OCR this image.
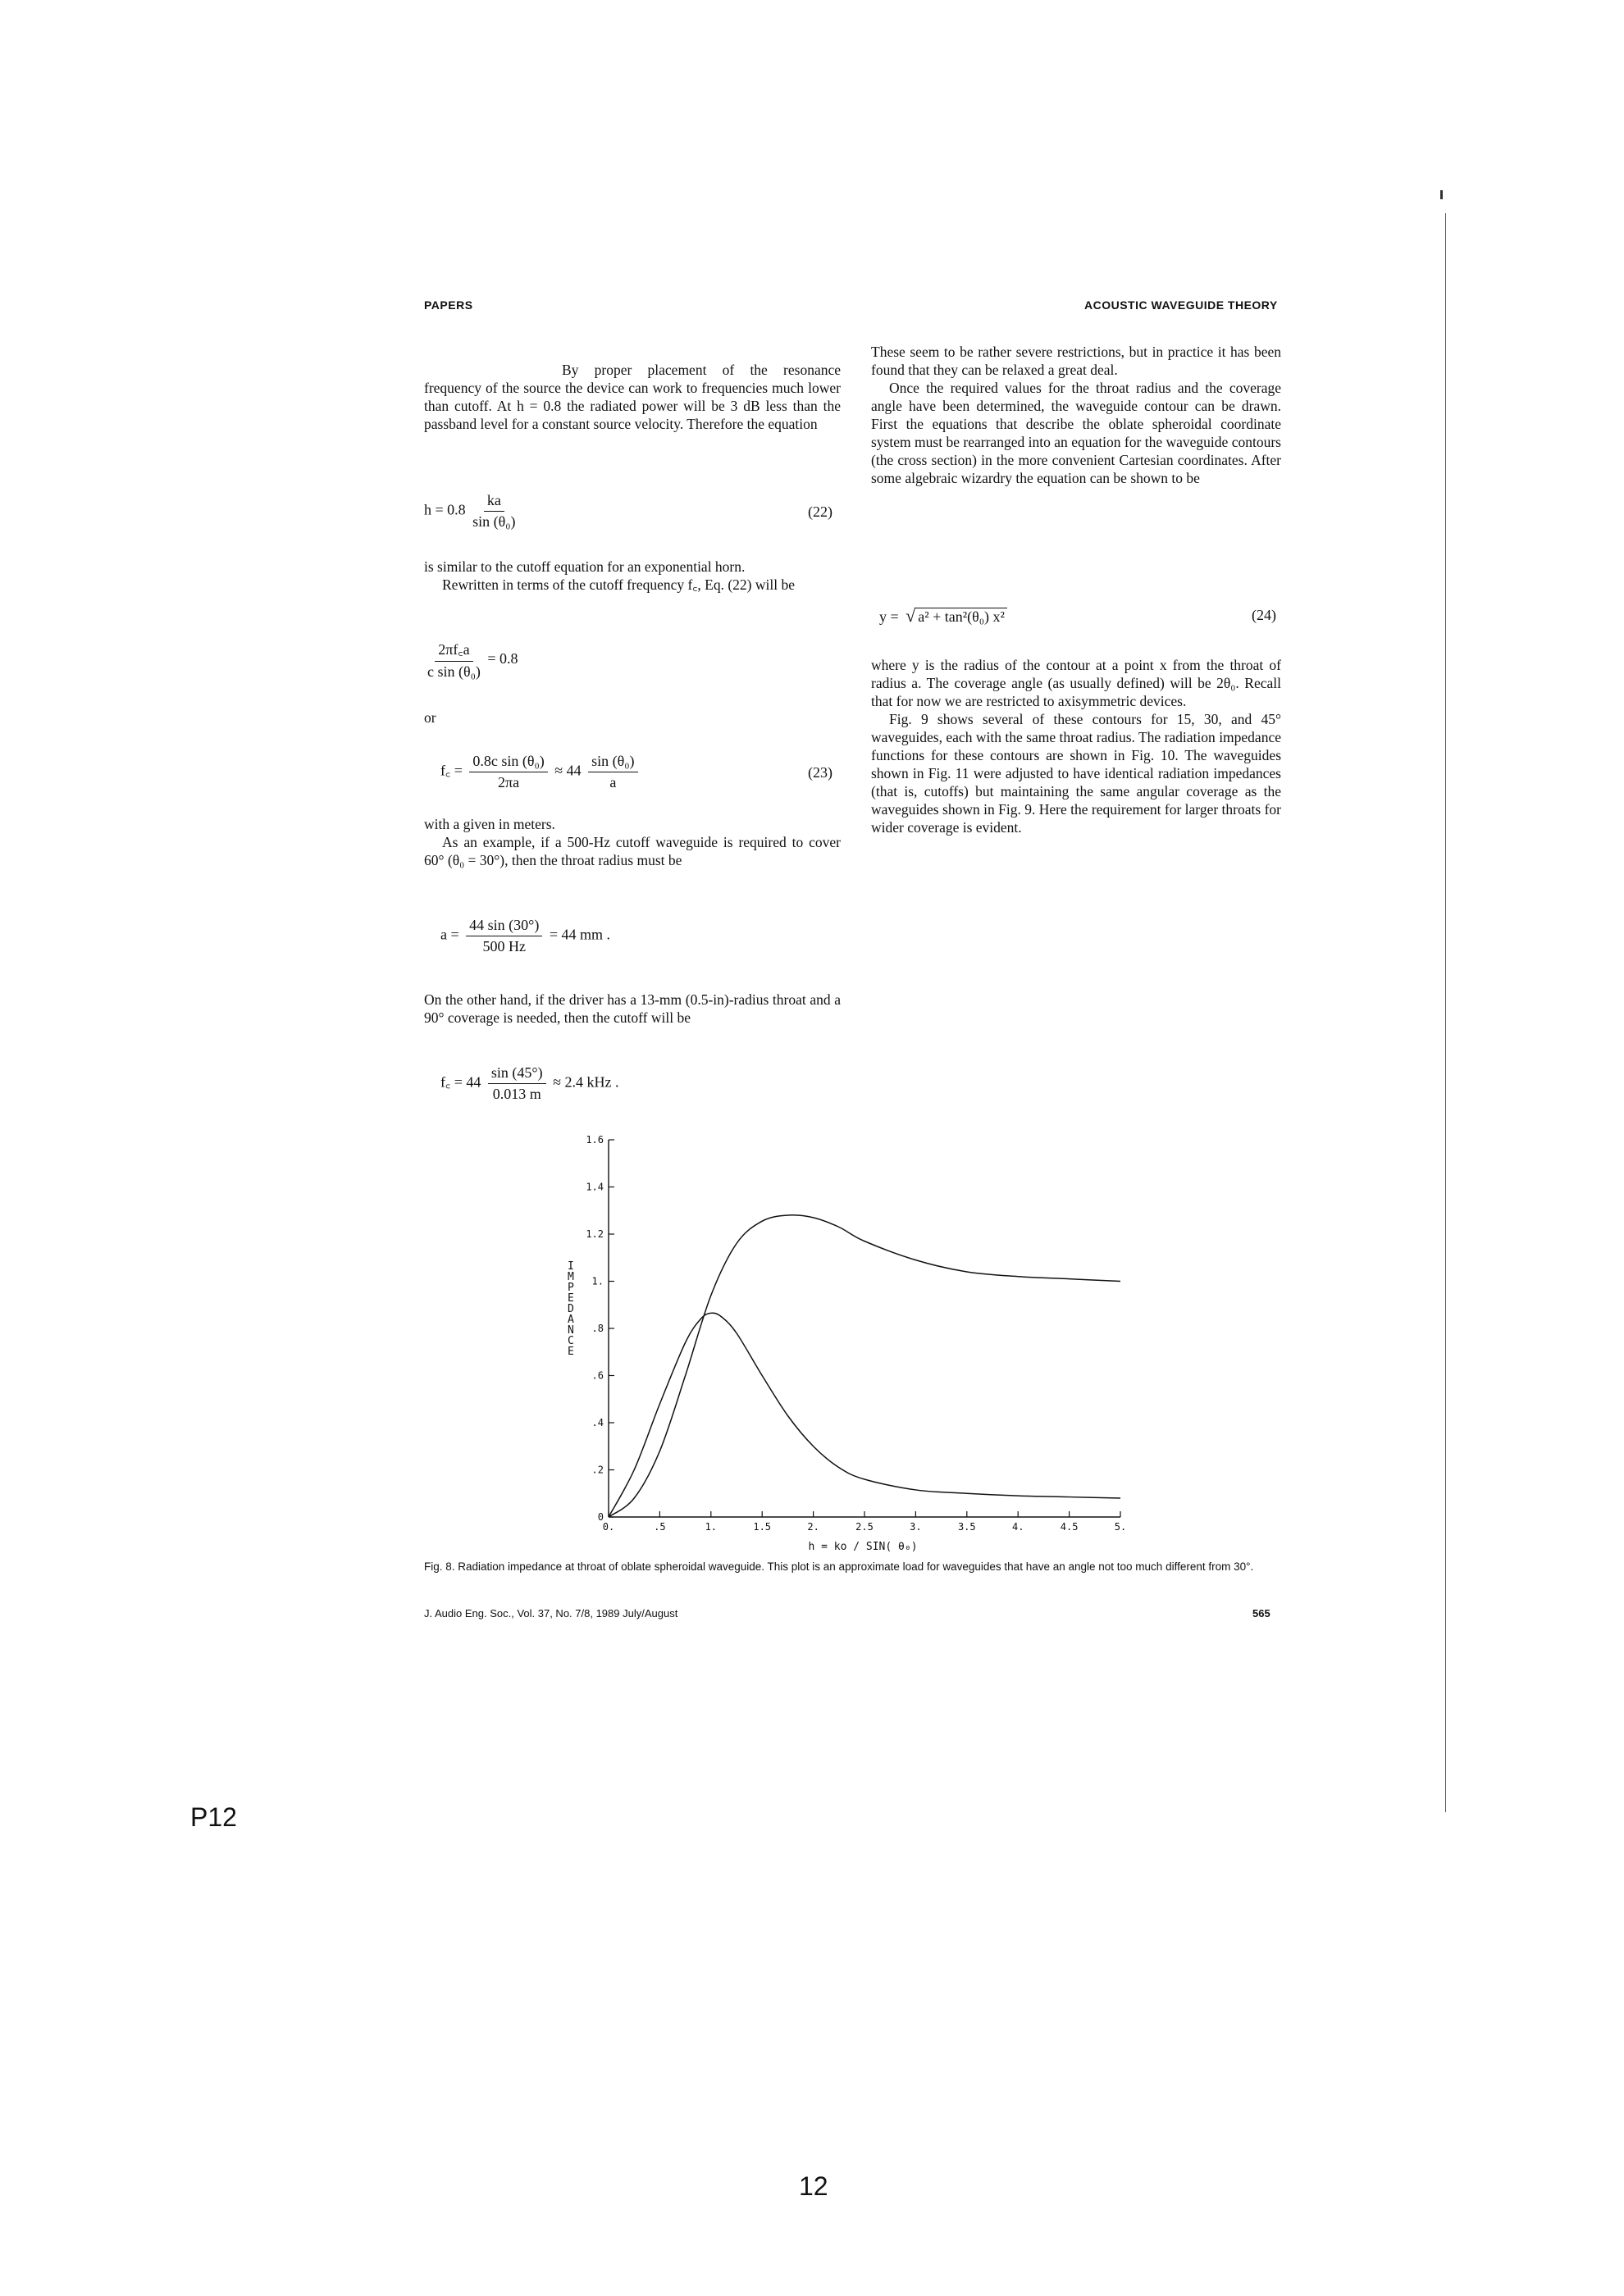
P12
PAPERS	ACOUSTIC WAVEGUIDE THEORY

By proper placement of the resonance frequency of the source the device can work to frequencies much lower than cutoff. At h = 0.8 the radiated power will be 3 dB less than the passband level for a constant source velocity. Therefore the equation

$h = 0.8 \frac{ka}{\text{sin (θ₀)}}$	(22)

is similar to the cutoff equation for an exponential horn.

Rewritten in terms of the cutoff frequency f꜀, Eq. (22) will be

$\frac{2\pi f꜀a}{\text{c sin (θ₀)}} = 0.8$
or
f꜀ = $\frac{\text{0.8c sin (θ₀)}}{2\pi a} \approx 44 \frac{\text{sin (θ₀)}}{a}$	(23)

with a given in meters.

As an example, if a 500-Hz cutoff waveguide is required to cover 60° (θ₀ = 30°), then the throat radius must be

$a = \frac{44 \sin (30^\circ)}{500 Hz} = 44$ mm .

On the other hand, if the driver has a 13-mm (0.5-in)-radius throat and a 90° coverage is needed, then the cutoff will be

f꜀ = $44 \frac{\sin (45^\circ)}{0.013 m} \approx 2.4$ kHz .

These seem to be rather severe restrictions, but in practice it has been found that they can be relaxed a great deal.

Once the required values for the throat radius and the coverage angle have been determined, the waveguide contour can be drawn. First the equations that describe the oblate spheroidal coordinate system must be rearranged into an equation for the waveguide contours (the cross section) in the more convenient Cartesian coordinates. After some algebraic wizardry the equation can be shown to be

y = √ a² + tan²(θ₀) x²	(24)

where y is the radius of the contour at a point x from the throat of radius a. The coverage angle (as usually defined) will be 2θ₀. Recall that for now we are restricted to axisymmetric devices.

Fig. 9 shows several of these contours for 15, 30, and 45° waveguides, each with the same throat radius. The radiation impedance functions for these contours are shown in Fig. 10. The waveguides shown in Fig. 11 were adjusted to have identical radiation impedances (that is, cutoffs) but maintaining the same angular coverage as the waveguides shown in Fig. 9. Here the requirement for larger throats for wider coverage is evident.

0.	.5	1.	1.5	2.	2.5	3.	3.5	4.	4.5	5.
0
.2
.4
.6
.8
1.
1.2
1.4
1.6
I M P E D A N C E
h = ko / SIN( θ₀)
Fig. 8. Radiation impedance at throat of oblate spheroidal waveguide. This plot is an approximate load for waveguides that have an angle not too much different from 30°.
J. Audio Eng. Soc., Vol. 37, No. 7/8, 1989 July/August	565
12
